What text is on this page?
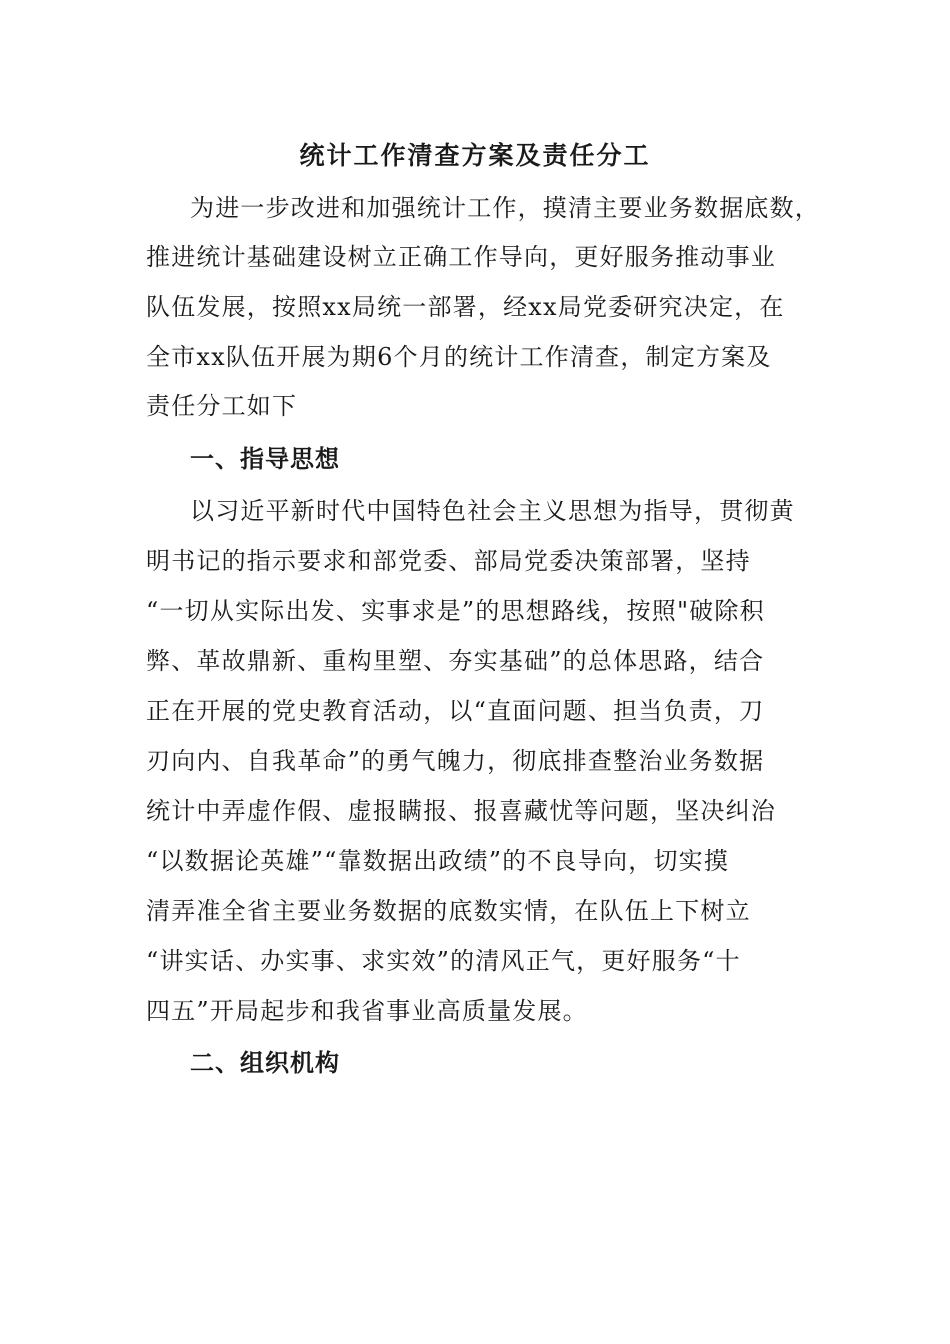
统计工作清查方案及责任分工
为进一步改进和加强统计工作，摸清主要业务数据底数，
推进统计基础建设树立正确工作导向，更好服务推动事业
队伍发展，按照xx局统一部署，经xx局党委研究决定，在
全市xx队伍开展为期6个月的统计工作清查，制定方案及
责任分工如下
一、指导思想
以习近平新时代中国特色社会主义思想为指导，贯彻黄
明书记的指示要求和部党委、部局党委决策部署，坚持
“一切从实际出发、实事求是”的思想路线，按照"破除积
弊、革故鼎新、重构里塑、夯实基础”的总体思路，结合
正在开展的党史教育活动，以“直面问题、担当负责，刀
刃向内、自我革命”的勇气魄力，彻底排查整治业务数据
统计中弄虚作假、虚报瞒报、报喜藏忧等问题，坚决纠治
“以数据论英雄”“靠数据出政绩”的不良导向，切实摸
清弄准全省主要业务数据的底数实情，在队伍上下树立
“讲实话、办实事、求实效”的清风正气，更好服务“十
四五”开局起步和我省事业高质量发展。
二、组织机构
